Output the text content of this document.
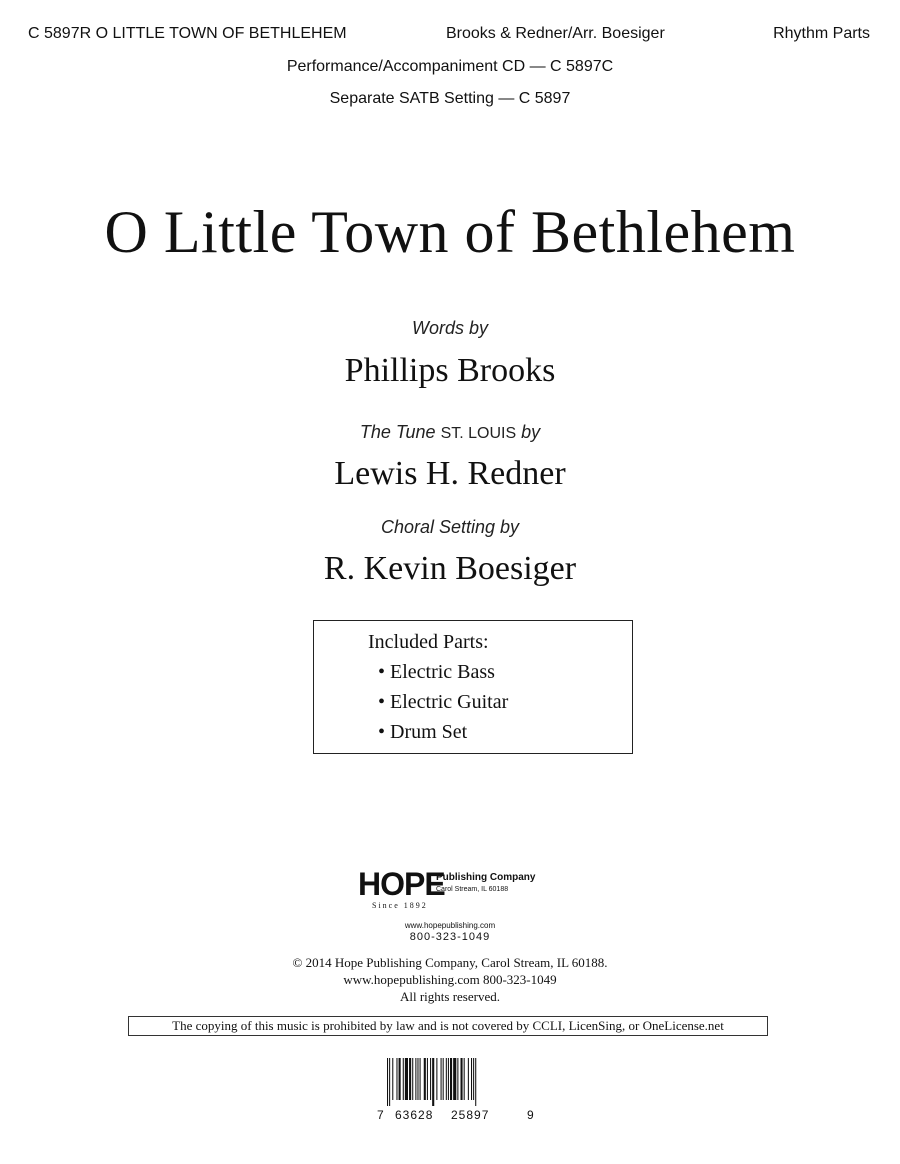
C 5897R O LITTLE TOWN OF BETHLEHEM	Brooks & Redner/Arr. Boesiger	Rhythm Parts
Performance/Accompaniment CD — C 5897C
Separate SATB Setting — C 5897
O Little Town of Bethlehem
Words by
Phillips Brooks
The Tune ST. LOUIS by
Lewis H. Redner
Choral Setting by
R. Kevin Boesiger
Included Parts:
• Electric Bass
• Electric Guitar
• Drum Set
HOPE
Since 1892
Publishing Company
Carol Stream, IL 60188
www.hopepublishing.com
800-323-1049
© 2014 Hope Publishing Company, Carol Stream, IL 60188.
www.hopepublishing.com 800-323-1049
All rights reserved.
The copying of this music is prohibited by law and is not covered by CCLI, LicenSing, or OneLicense.net
7 63628 25897	9
